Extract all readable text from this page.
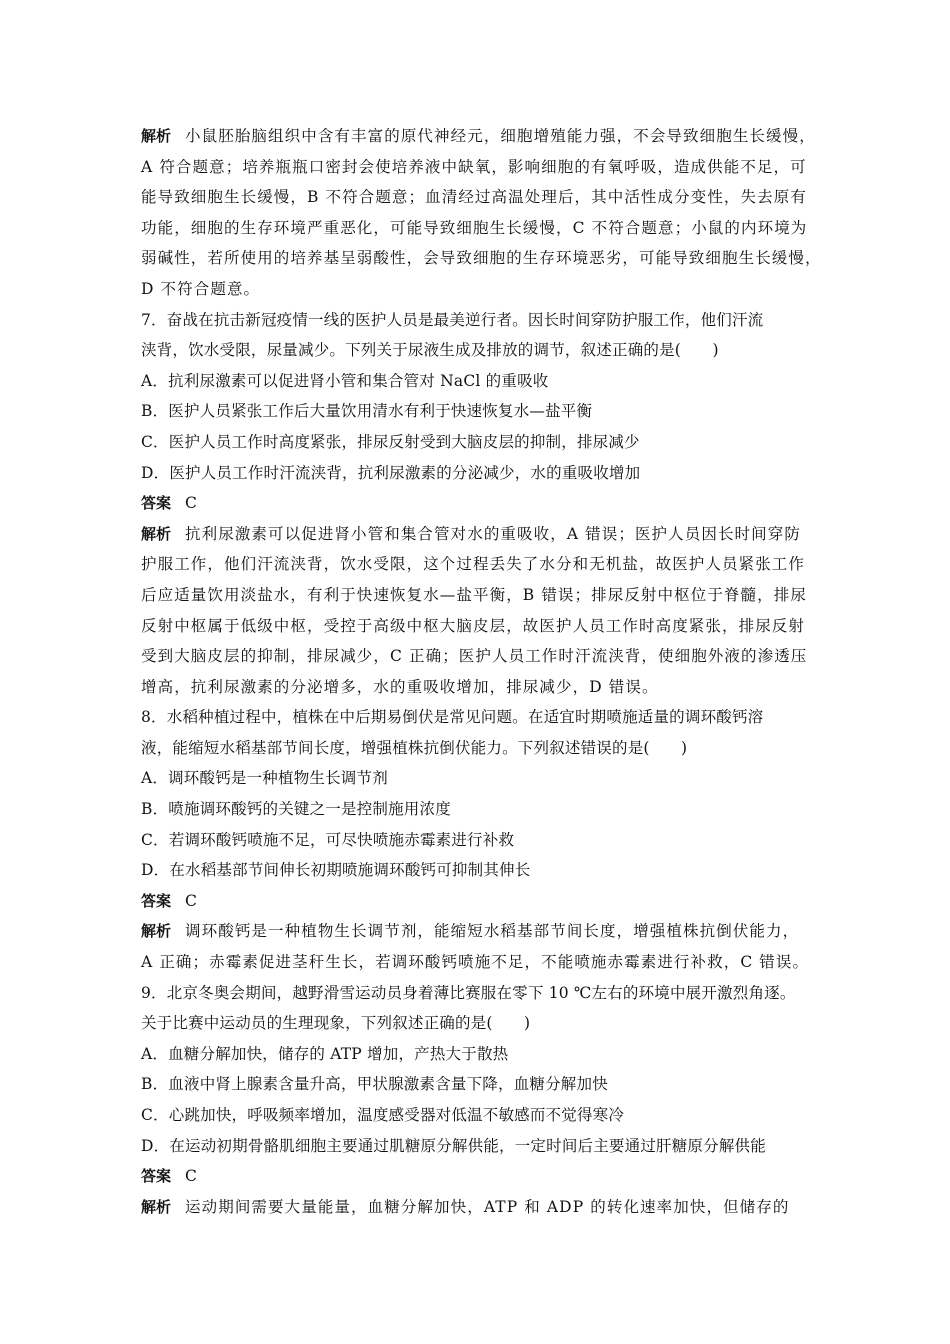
解析 小鼠胚胎脑组织中含有丰富的原代神经元，细胞增殖能力强，不会导致细胞生长缓慢，
A 符合题意；培养瓶瓶口密封会使培养液中缺氧，影响细胞的有氧呼吸，造成供能不足，可
能导致细胞生长缓慢，B 不符合题意；血清经过高温处理后，其中活性成分变性，失去原有
功能，细胞的生存环境严重恶化，可能导致细胞生长缓慢，C 不符合题意；小鼠的内环境为
弱碱性，若所使用的培养基呈弱酸性，会导致细胞的生存环境恶劣，可能导致细胞生长缓慢，
D 不符合题意。
7．奋战在抗击新冠疫情一线的医护人员是最美逆行者。因长时间穿防护服工作，他们汗流
浃背，饮水受限，尿量减少。下列关于尿液生成及排放的调节，叙述正确的是(　　)
A．抗利尿激素可以促进肾小管和集合管对 NaCl 的重吸收
B．医护人员紧张工作后大量饮用清水有利于快速恢复水—盐平衡
C．医护人员工作时高度紧张，排尿反射受到大脑皮层的抑制，排尿减少
D．医护人员工作时汗流浃背，抗利尿激素的分泌减少，水的重吸收增加
答案 C
解析 抗利尿激素可以促进肾小管和集合管对水的重吸收，A 错误；医护人员因长时间穿防
护服工作，他们汗流浃背，饮水受限，这个过程丢失了水分和无机盐，故医护人员紧张工作
后应适量饮用淡盐水，有利于快速恢复水—盐平衡，B 错误；排尿反射中枢位于脊髓，排尿
反射中枢属于低级中枢，受控于高级中枢大脑皮层，故医护人员工作时高度紧张，排尿反射
受到大脑皮层的抑制，排尿减少，C 正确；医护人员工作时汗流浃背，使细胞外液的渗透压
增高，抗利尿激素的分泌增多，水的重吸收增加，排尿减少，D 错误。
8．水稻种植过程中，植株在中后期易倒伏是常见问题。在适宜时期喷施适量的调环酸钙溶
液，能缩短水稻基部节间长度，增强植株抗倒伏能力。下列叙述错误的是(　　)
A．调环酸钙是一种植物生长调节剂
B．喷施调环酸钙的关键之一是控制施用浓度
C．若调环酸钙喷施不足，可尽快喷施赤霉素进行补救
D．在水稻基部节间伸长初期喷施调环酸钙可抑制其伸长
答案 C
解析 调环酸钙是一种植物生长调节剂，能缩短水稻基部节间长度，增强植株抗倒伏能力，
A 正确；赤霉素促进茎秆生长，若调环酸钙喷施不足，不能喷施赤霉素进行补救，C 错误。
9．北京冬奥会期间，越野滑雪运动员身着薄比赛服在零下 10 ℃左右的环境中展开激烈角逐。
关于比赛中运动员的生理现象，下列叙述正确的是(　　)
A．血糖分解加快，储存的 ATP 增加，产热大于散热
B．血液中肾上腺素含量升高，甲状腺激素含量下降，血糖分解加快
C．心跳加快，呼吸频率增加，温度感受器对低温不敏感而不觉得寒冷
D．在运动初期骨骼肌细胞主要通过肌糖原分解供能，一定时间后主要通过肝糖原分解供能
答案 C
解析 运动期间需要大量能量，血糖分解加快，ATP 和 ADP 的转化速率加快，但储存的
